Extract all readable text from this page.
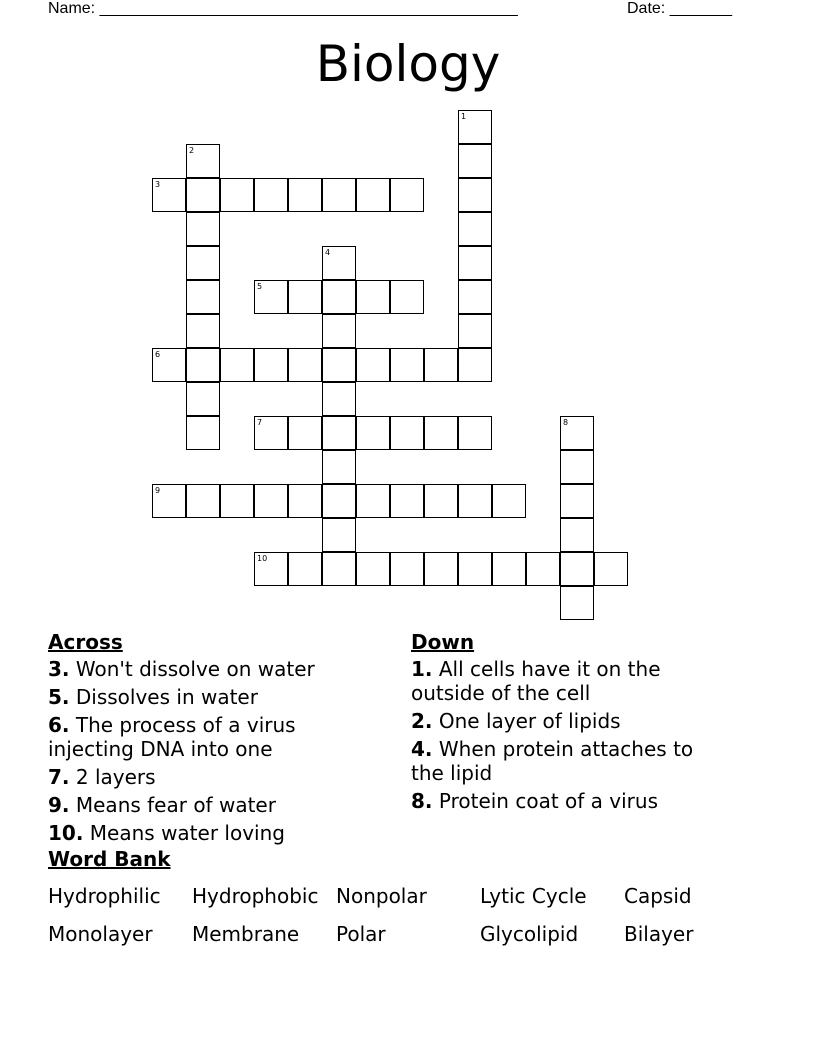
Name: _______________________________________________	Date: _______
Biology
3
5
6
7
9
10
1
2
4
8
Across
3. Won't dissolve on water
5. Dissolves in water
6. The process of a virus injecting DNA into one
7. 2 layers
9. Means fear of water
10. Means water loving
Down
1. All cells have it on the outside of the cell
2. One layer of lipids
4. When protein attaches to the lipid
8. Protein coat of a virus
Word Bank
Hydrophilic	Hydrophobic Nonpolar	Lytic Cycle	Capsid
Monolayer	Membrane	Polar	Glycolipid	Bilayer
